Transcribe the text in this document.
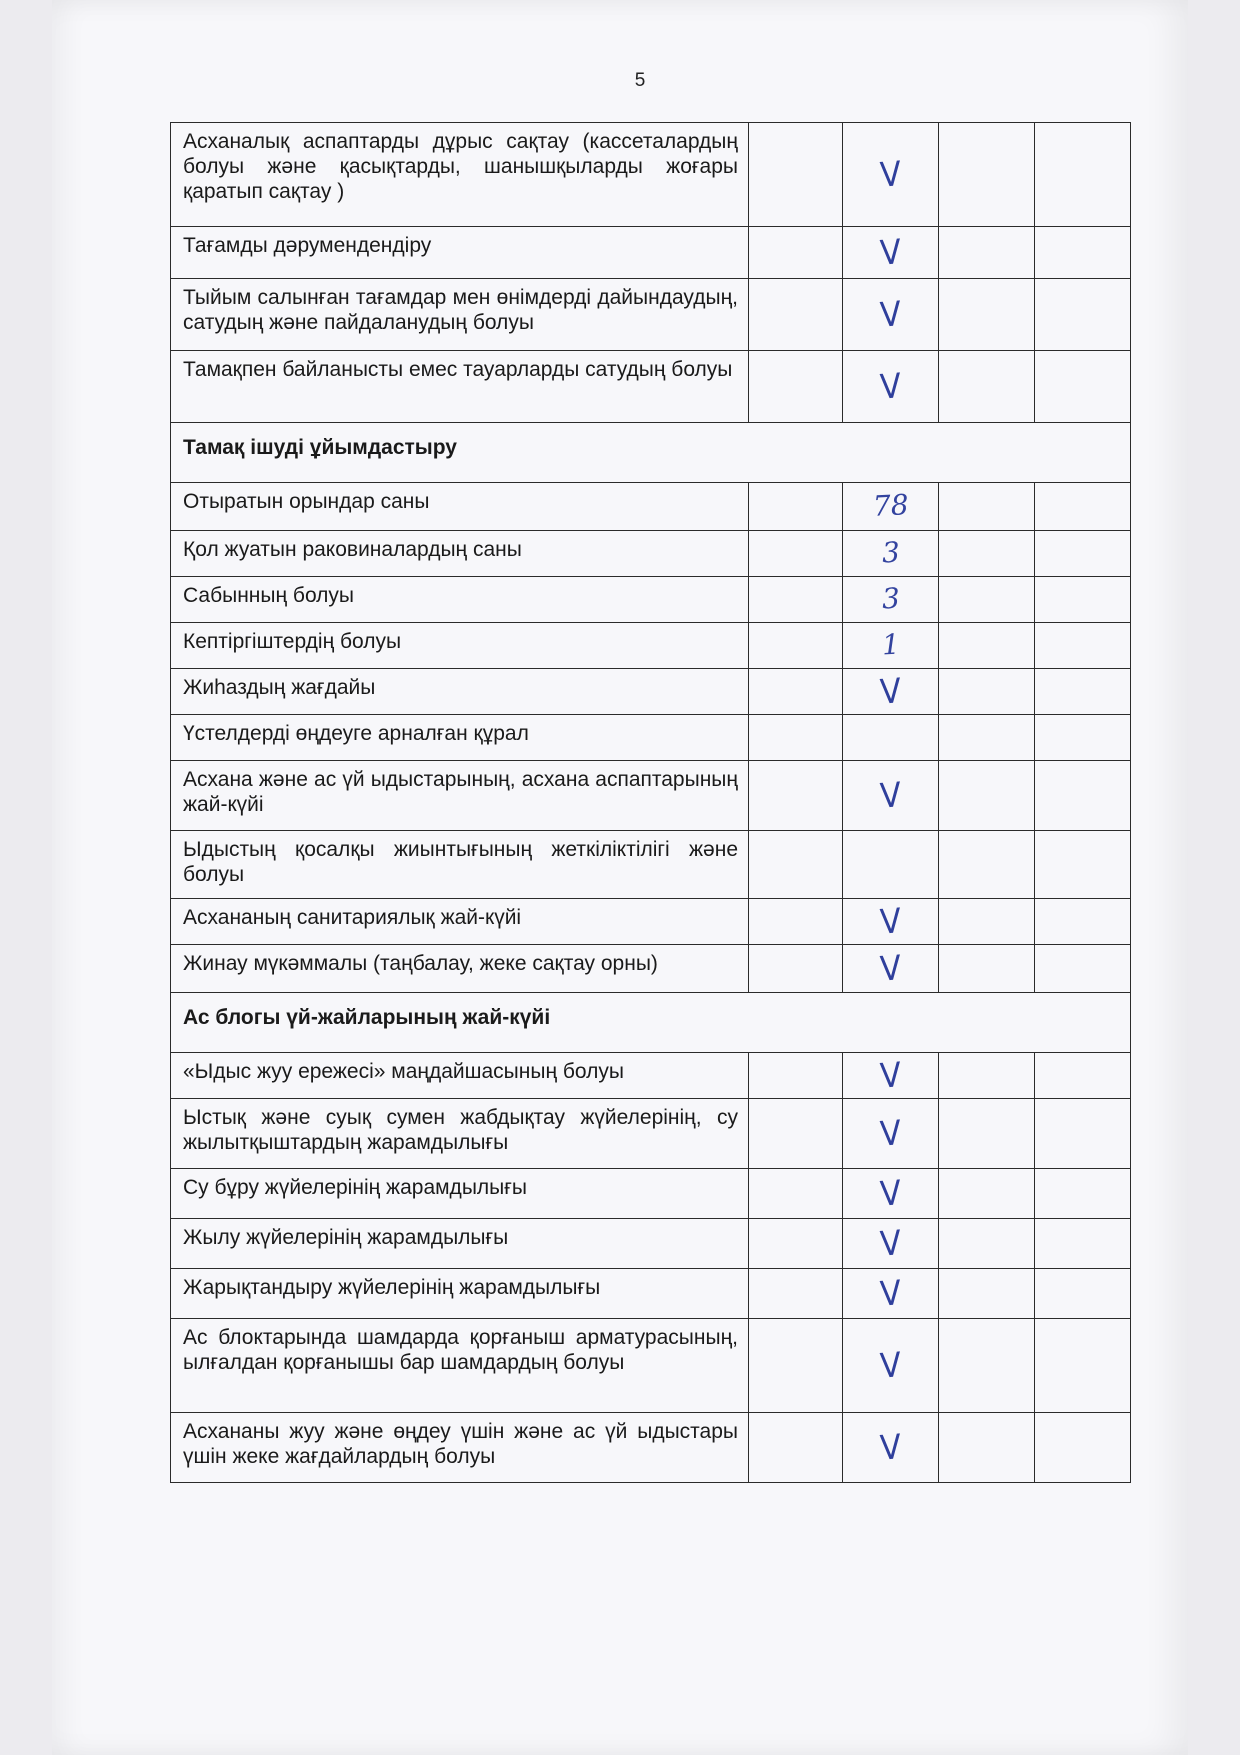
5
Асханалық аспаптарды дұрыс сақтау (кассеталардың болуы және қасықтарды, шанышқыларды жоғары қаратып сақтау )		V		
Тағамды дәрумендендіру		V		
Тыйым салынған тағамдар мен өнімдерді дайындаудың, сатудың және пайдаланудың болуы		V		
Тамақпен байланысты емес тауарларды сатудың болуы		V		
Тамақ ішуді ұйымдастыру				
Отыратын орындар саны		78		
Қол жуатын раковиналардың саны		3		
Сабынның болуы		3		
Кептіргіштердің болуы		1		
Жиһаздың жағдайы		V		
Үстелдерді өңдеуге арналған құрал				
Асхана және ас үй ыдыстарының, асхана аспаптарының жай-күйі		V		
Ыдыстың қосалқы жиынтығының жеткіліктілігі және болуы				
Асхананың санитариялық жай-күйі		V		
Жинау мүкәммалы (таңбалау, жеке сақтау орны)		V		
Ас блогы үй-жайларының жай-күйі				
«Ыдыс жуу ережесі» маңдайшасының болуы		V		
Ыстық және суық сумен жабдықтау жүйелерінің, су жылытқыштардың жарамдылығы		V		
Су бұру жүйелерінің жарамдылығы		V		
Жылу жүйелерінің жарамдылығы		V		
Жарықтандыру жүйелерінің жарамдылығы		V		
Ас блоктарында шамдарда қорғаныш арматурасының, ылғалдан қорғанышы бар шамдардың болуы		V		
Асхананы жуу және өңдеу үшін және ас үй ыдыстары үшін жеке жағдайлардың болуы		V		
